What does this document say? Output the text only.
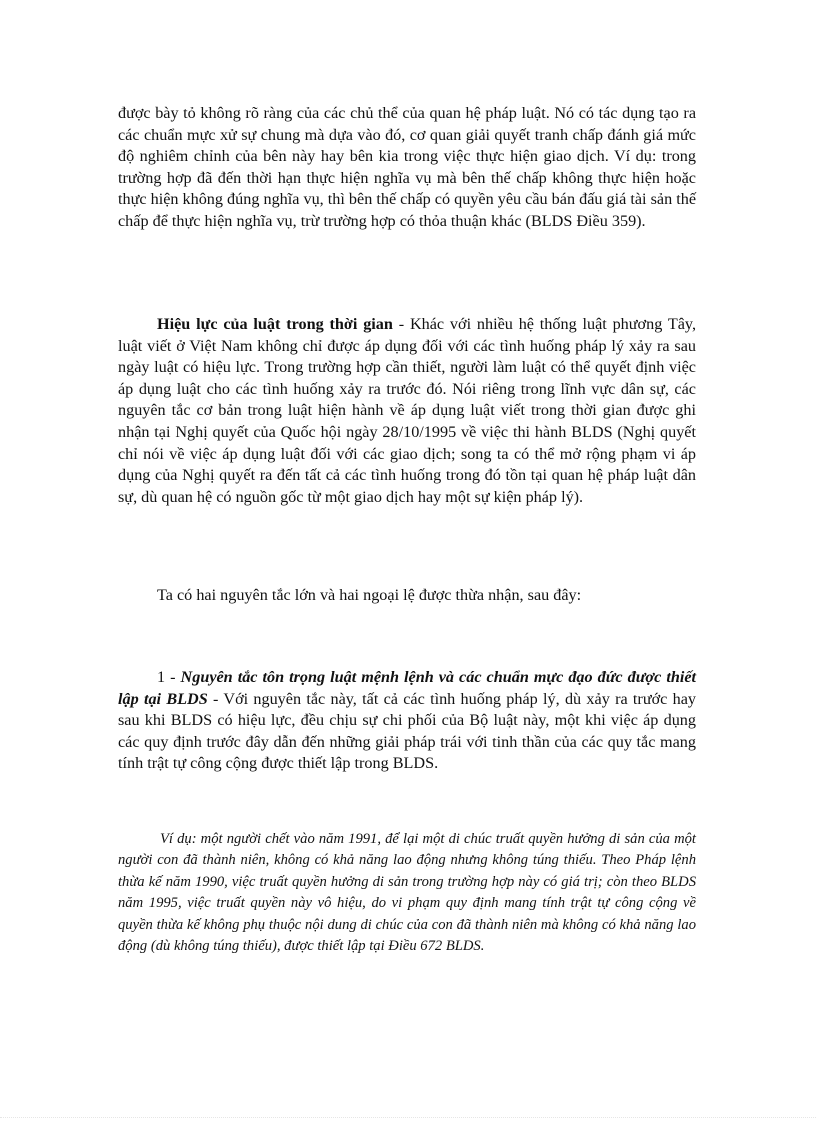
được bày tỏ không rõ ràng của các chủ thể của quan hệ pháp luật. Nó có tác dụng tạo ra các chuẩn mực xử sự chung mà dựa vào đó, cơ quan giải quyết tranh chấp đánh giá mức độ nghiêm chỉnh của bên này hay bên kia trong việc thực hiện giao dịch. Ví dụ: trong trường hợp đã đến thời hạn thực hiện nghĩa vụ mà bên thế chấp không thực hiện hoặc thực hiện không đúng nghĩa vụ, thì bên thế chấp có quyền yêu cầu bán đấu giá tài sản thế chấp để thực hiện nghĩa vụ, trừ trường hợp có thỏa thuận khác (BLDS Điều 359).

Hiệu lực của luật trong thời gian - Khác với nhiều hệ thống luật phương Tây, luật viết ở Việt Nam không chỉ được áp dụng đối với các tình huống pháp lý xảy ra sau ngày luật có hiệu lực. Trong trường hợp cần thiết, người làm luật có thể quyết định việc áp dụng luật cho các tình huống xảy ra trước đó. Nói riêng trong lĩnh vực dân sự, các nguyên tắc cơ bản trong luật hiện hành về áp dụng luật viết trong thời gian được ghi nhận tại Nghị quyết của Quốc hội ngày 28/10/1995 về việc thi hành BLDS (Nghị quyết chỉ nói về việc áp dụng luật đối với các giao dịch; song ta có thể mở rộng phạm vi áp dụng của Nghị quyết ra đến tất cả các tình huống trong đó tồn tại quan hệ pháp luật dân sự, dù quan hệ có nguồn gốc từ một giao dịch hay một sự kiện pháp lý).

Ta có hai nguyên tắc lớn và hai ngoại lệ được thừa nhận, sau đây:

1 - Nguyên tắc tôn trọng luật mệnh lệnh và các chuẩn mực đạo đức được thiết lập tại BLDS - Với nguyên tắc này, tất cả các tình huống pháp lý, dù xảy ra trước hay sau khi BLDS có hiệu lực, đều chịu sự chi phối của Bộ luật này, một khi việc áp dụng các quy định trước đây dẫn đến những giải pháp trái với tinh thần của các quy tắc mang tính trật tự công cộng được thiết lập trong BLDS.

Ví dụ: một người chết vào năm 1991, để lại một di chúc truất quyền hưởng di sản của một người con đã thành niên, không có khả năng lao động nhưng không túng thiếu. Theo Pháp lệnh thừa kế năm 1990, việc truất quyền hưởng di sản trong trường hợp này có giá trị; còn theo BLDS năm 1995, việc truất quyền này vô hiệu, do vi phạm quy định mang tính trật tự công cộng về quyền thừa kế không phụ thuộc nội dung di chúc của con đã thành niên mà không có khả năng lao động (dù không túng thiếu), được thiết lập tại Điều 672 BLDS.
